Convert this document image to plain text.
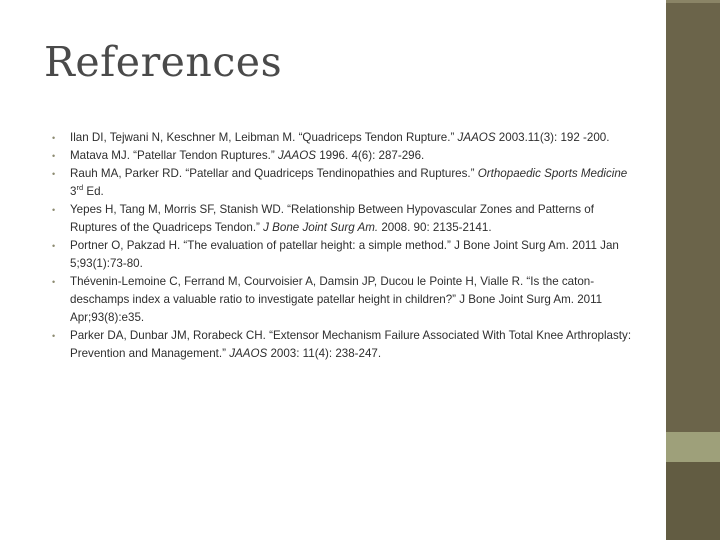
References
• Ilan DI, Tejwani N, Keschner M, Leibman M. “Quadriceps Tendon Rupture.” JAAOS 2003.11(3): 192 -200.
• Matava MJ. “Patellar Tendon Ruptures.” JAAOS 1996. 4(6): 287-296.
• Rauh MA, Parker RD. “Patellar and Quadriceps Tendinopathies and Ruptures.” Orthopaedic Sports Medicine 3rd Ed.
• Yepes H, Tang M, Morris SF, Stanish WD. “Relationship Between Hypovascular Zones and Patterns of Ruptures of the Quadriceps Tendon.” J Bone Joint Surg Am. 2008. 90: 2135-2141.
• Portner O, Pakzad H. “The evaluation of patellar height: a simple method.” J Bone Joint Surg Am. 2011 Jan 5;93(1):73-80.
• Thévenin-Lemoine C, Ferrand M, Courvoisier A, Damsin JP, Ducou le Pointe H, Vialle R. “Is the caton-deschamps index a valuable ratio to investigate patellar height in children?” J Bone Joint Surg Am. 2011 Apr;93(8):e35.
• Parker DA, Dunbar JM, Rorabeck CH. “Extensor Mechanism Failure Associated With Total Knee Arthroplasty: Prevention and Management.” JAAOS 2003: 11(4): 238-247.
